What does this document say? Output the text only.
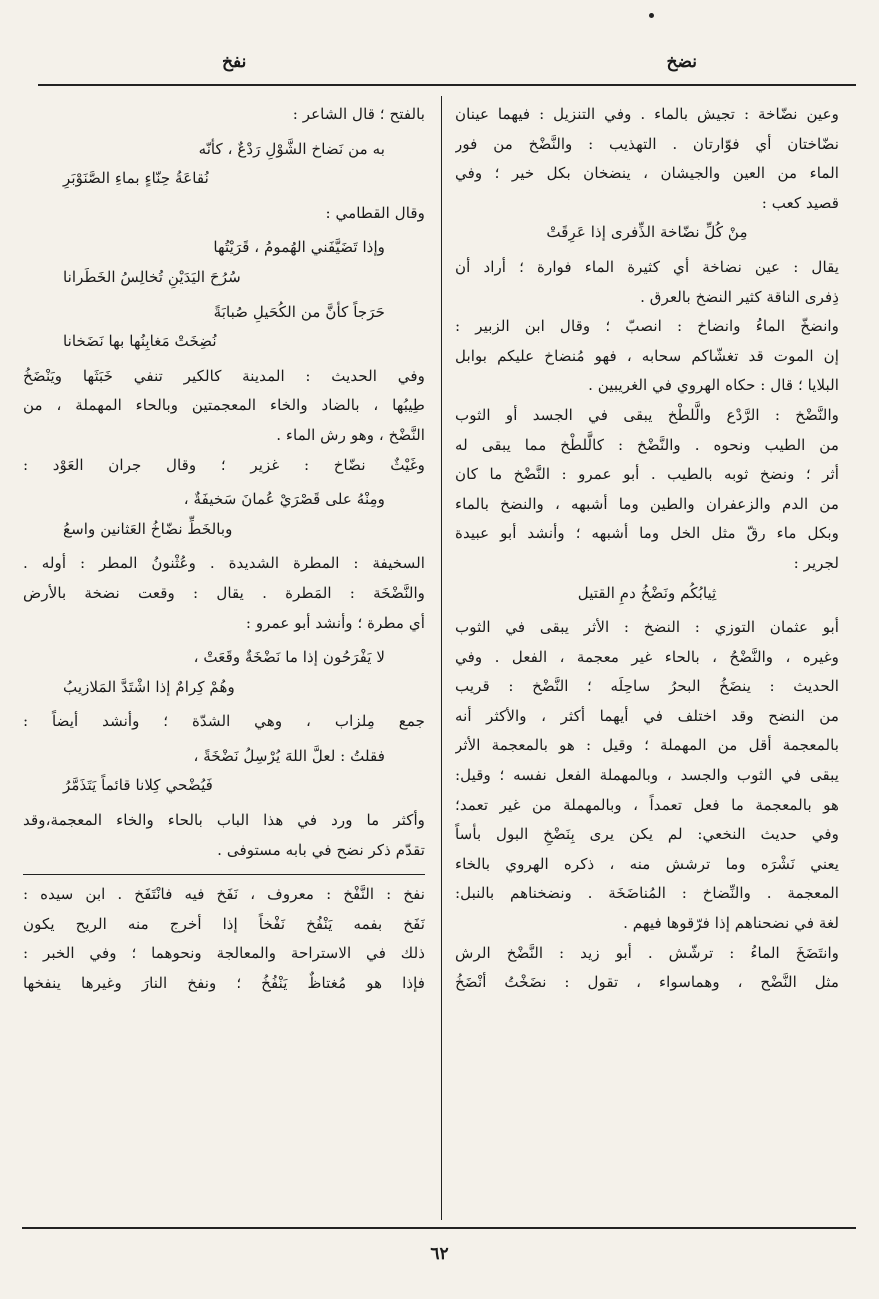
نضخ
نفخ
وعين نضّاخة : تجيش بالماء . وفي التنزيل : فيهما عينان
نضّاختان أي فوّارتان . التهذيب : والنَّضْخ من فور
الماء من العين والجيشان ، ينضخان بكل خير ؛ وفي
قصيد كعب :
مِنْ كُلِّ نضّاخة الذِّفرى إذا عَرِقَتْ
يقال : عين نضاخة أي كثيرة الماء فوارة ؛ أراد أن
ذِفرى الناقة كثير النضخ بالعرق .
وانضخّ الماءُ وانضاخ : انصبّ ؛ وقال ابن الزبير :
إن الموت قد تغشّاكم سحابه ، فهو مُنضاخ عليكم بوابل
البلايا ؛ قال : حكاه الهروي في الغريبين .
والنَّضْخ : الرَّدْع والَّلطْخ يبقى في الجسد أو الثوب
من الطيب ونحوه . والنَّضْخ : كالَّلطْخ مما يبقى له
أثر ؛ ونضخ ثوبه بالطيب . أبو عمرو : النَّضْخ ما كان
من الدم والزعفران والطين وما أشبهه ، والنضخ بالماء
وبكل ماء رقّ مثل الخل وما أشبهه ؛ وأنشد أبو عبيدة
لجرير :
ثِيابُكُم ونَضْخُ دمِ القتيل
أبو عثمان التوزي : النضخ : الأثر يبقى في الثوب
وغيره ، والنَّضْحُ ، بالحاء غير معجمة ، الفعل . وفي
الحديث : ينضَخُ البحرُ ساحِلَه ؛ النَّضْخ : قريب
من النضح وقد اختلف في أيهما أكثر ، والأكثر أنه
بالمعجمة أقل من المهملة ؛ وقيل : هو بالمعجمة الأثر
يبقى في الثوب والجسد ، وبالمهملة الفعل نفسه ؛ وقيل:
هو بالمعجمة ما فعل تعمداً ، وبالمهملة من غير تعمد؛
وفي حديث النخعي: لم يكن يرى بِنَضْخِ البول بأساً
يعني نَشْرَه وما ترشش منه ، ذكره الهروي بالخاء
المعجمة . والنِّضاخ : المُناضَخَة . ونضخناهم بالنبل:
لغة في نضحناهم إذا فرّقوها فيهم .
وانتَضَخَ الماءُ : ترشّش . أبو زيد : النَّضْخ الرش
مثل النَّضْح ، وهماسواء ، تقول : نضَخْتُ أنْضَخُ
بالفتح ؛ قال الشاعر :
به من نَضاخ الشَّوْلِ رَدْعٌ ، كأنّه
نُقاعَةُ حِنّاءٍ بماءِ الصَّنَوْبَرِ
وقال القطامي :
وإذا تَضَيَّفَني الهُمومُ ، قَرَيْتُها
سُرُحَ اليَدَيْنِ تُخالِسُ الخَطَرانا
حَرَجاً كأنَّ من الكُحَيلِ صُبابَةً
نُضِخَتْ مَغابِنُها بها نَضَخانا
وفي الحديث : المدينة كالكير تنفي خَبَثَها ويَنْضَخُ
طِيبُها ، بالضاد والخاء المعجمتين وبالحاء المهملة ، من
النَّضْخ ، وهو رش الماء .
وغَيْثٌ نضّاخ : غزير ؛ وقال جران العَوْد :
ومِنْهُ على قَصْرَيْ عُمانَ سَخيفَةٌ ،
وبالخَطِّ نضّاخُ العَثانين واسعُ
السخيفة : المطرة الشديدة . وعُثْنونُ المطر : أوله .
والنَّضْخَة : المَطرة . يقال : وقعت نضخة بالأرض
أي مطرة ؛ وأنشد أبو عمرو :
لا يَفْرَحُون إذا ما نَضْخَةٌ وقَعَتْ ،
وهُمْ كِرامٌ إذا اشْتَدَّ المَلازيبُ
جمع مِلزاب ، وهي الشدّة ؛ وأنشد أيضاً :
فقلتُ : لعلَّ اللهَ يُرْسِلُ نَضْخَةً ،
فَيُضْحي كِلانا قائماً يَتَذَمَّرُ
وأكثر ما ورد في هذا الباب بالحاء والخاء المعجمة،وقد
تقدّم ذكر نضح في بابه مستوفى .
نفخ : النَّفْخ : معروف ، نَفَخ فيه فانْتَفَخ . ابن سيده :
نَفَخ بفمه يَنْفُخ نَفْخاً إذا أخرج منه الريح يكون
ذلك في الاستراحة والمعالجة ونحوهما ؛ وفي الخبر :
فإذا هو مُغتاظٌ يَنْفُخُ ؛ ونفخ النارَ وغيرها ينفخها
٦٢
